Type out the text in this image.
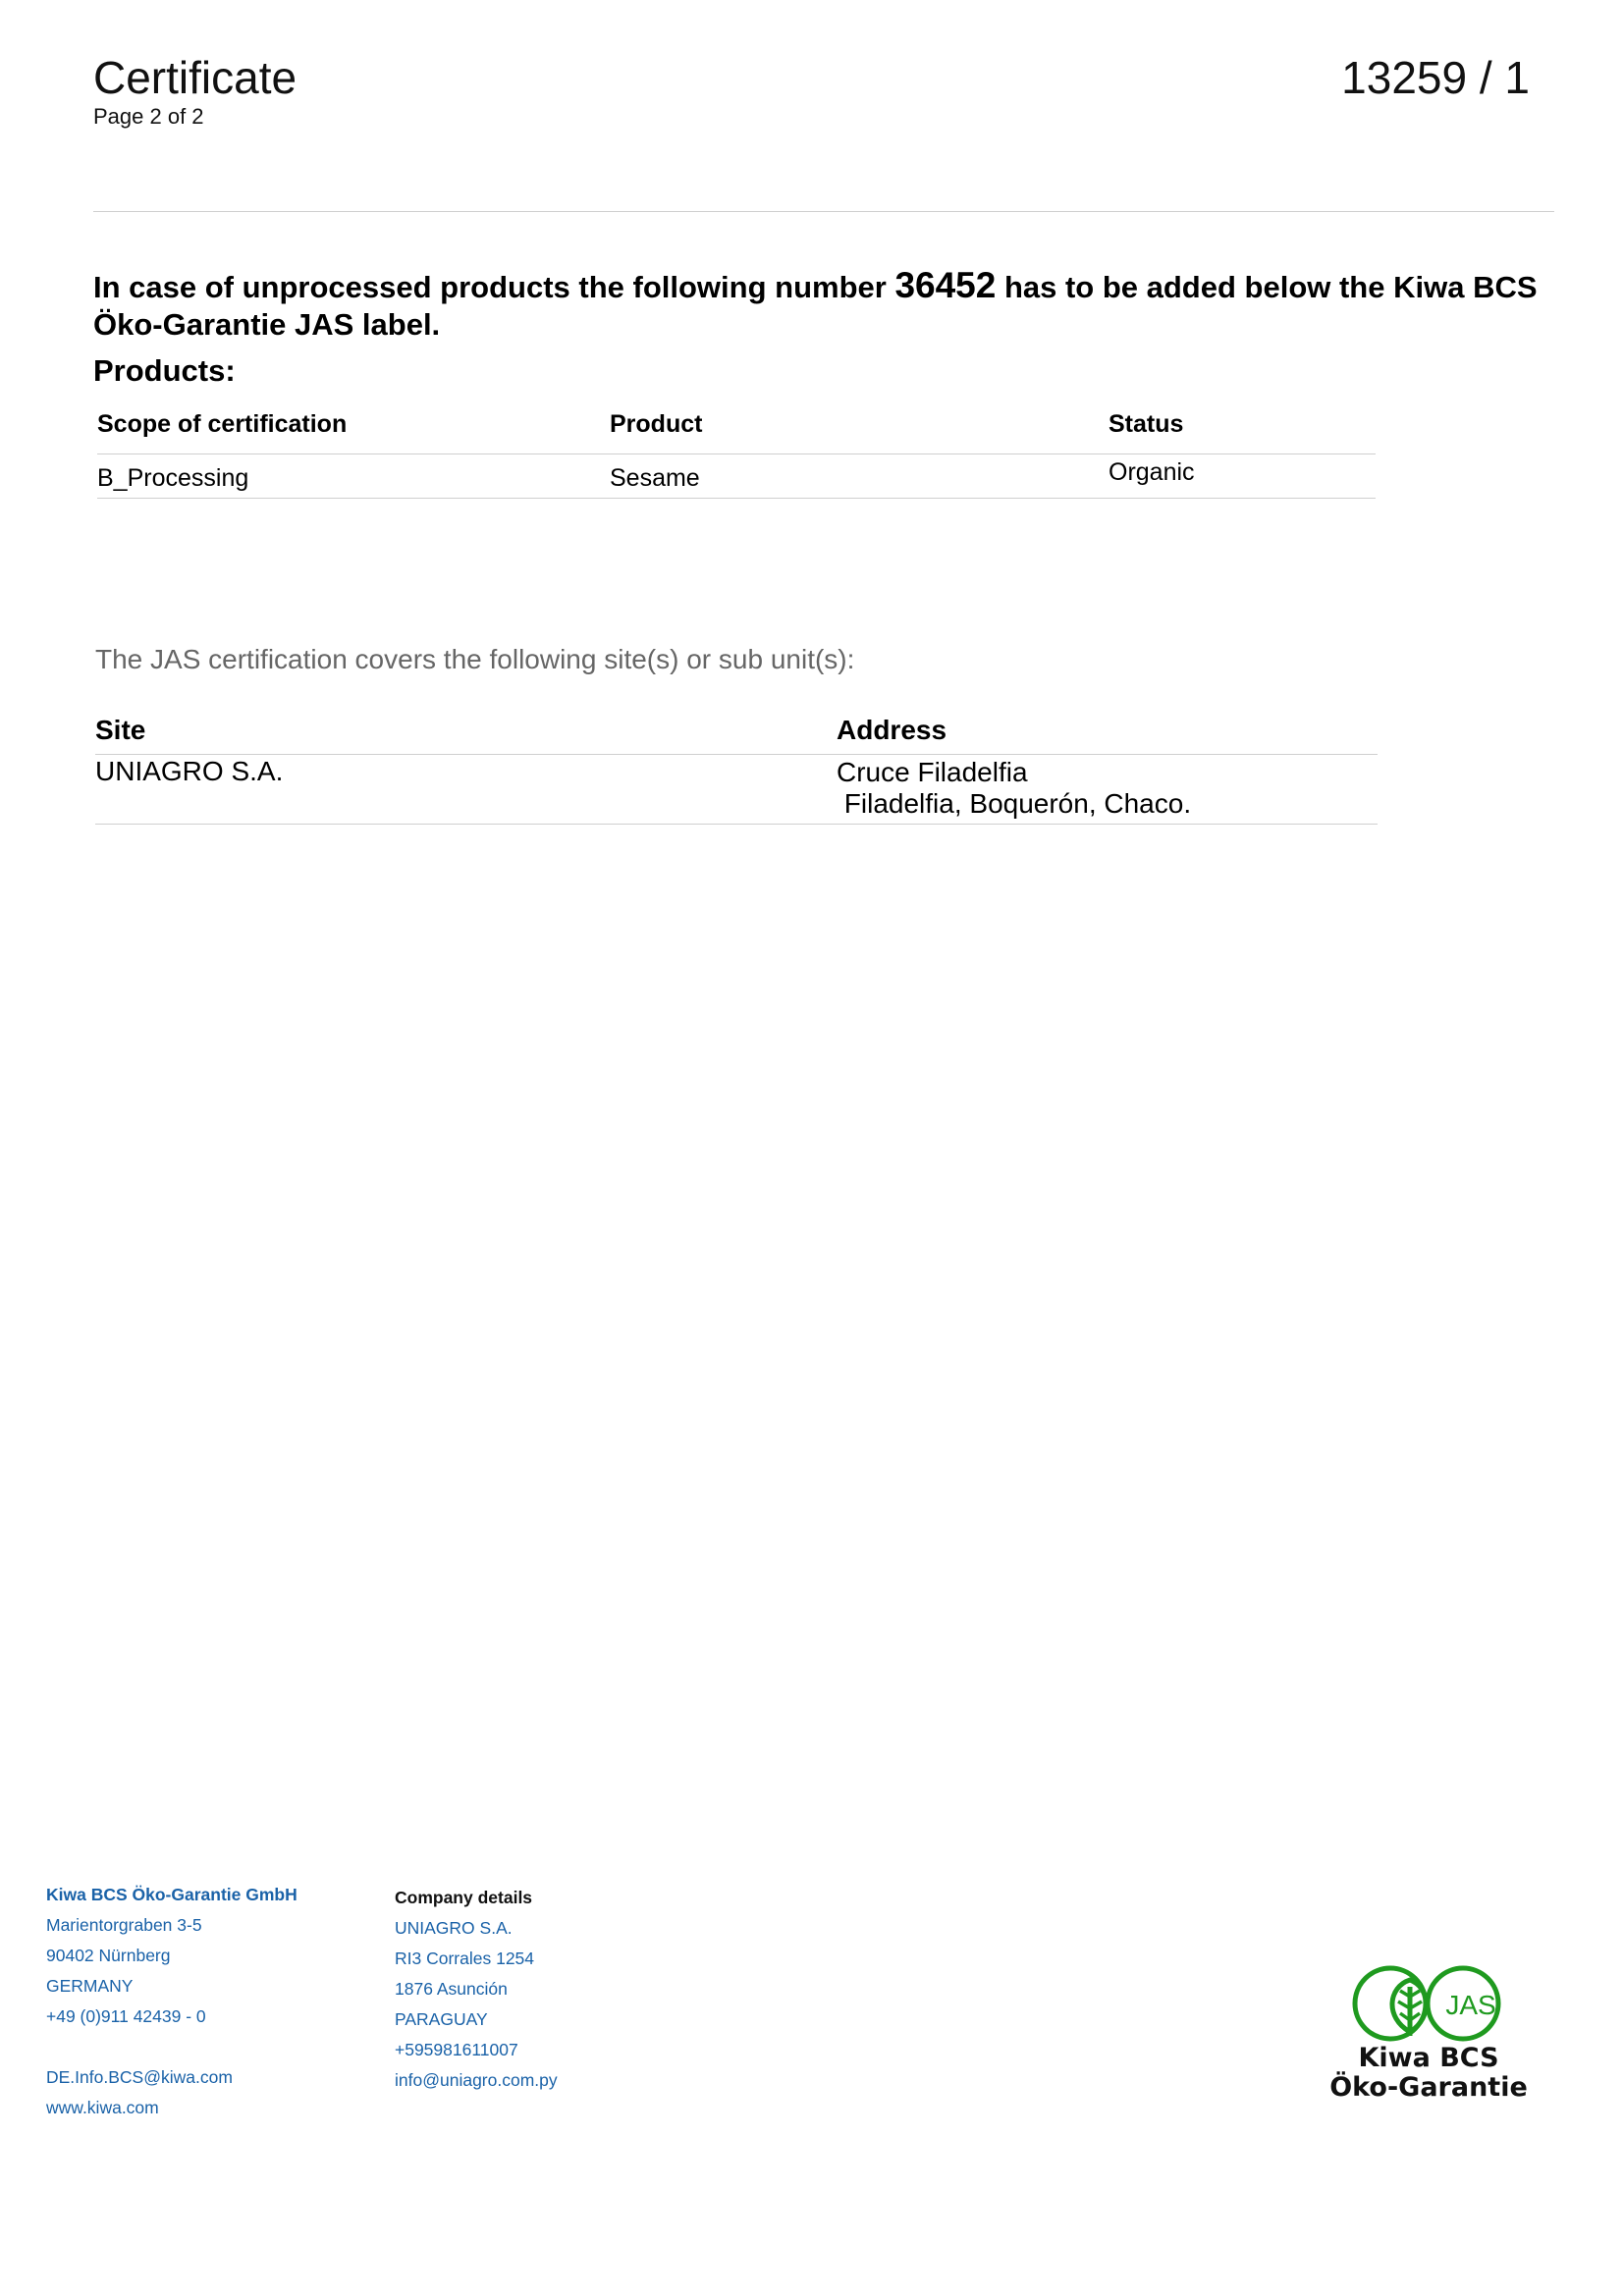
Certificate
Page 2 of 2
13259 / 1
In case of unprocessed products the following number 36452 has to be added below the Kiwa BCS Öko-Garantie JAS label.
Products:
Scope of certification	Product	Status
B_Processing	Sesame	Organic
The JAS certification covers the following site(s) or sub unit(s):
Site	Address
UNIAGRO S.A.	Cruce Filadelfia
Filadelfia, Boquerón, Chaco.
Kiwa BCS Öko-Garantie GmbH
Marientorgraben 3-5
90402 Nürnberg
GERMANY
+49 (0)911 42439 - 0
DE.Info.BCS@kiwa.com
www.kiwa.com
Company details
UNIAGRO S.A.
RI3 Corrales 1254
1876 Asunción
PARAGUAY
+595981611007
info@uniagro.com.py
JAS
Kiwa BCS
Öko-Garantie
